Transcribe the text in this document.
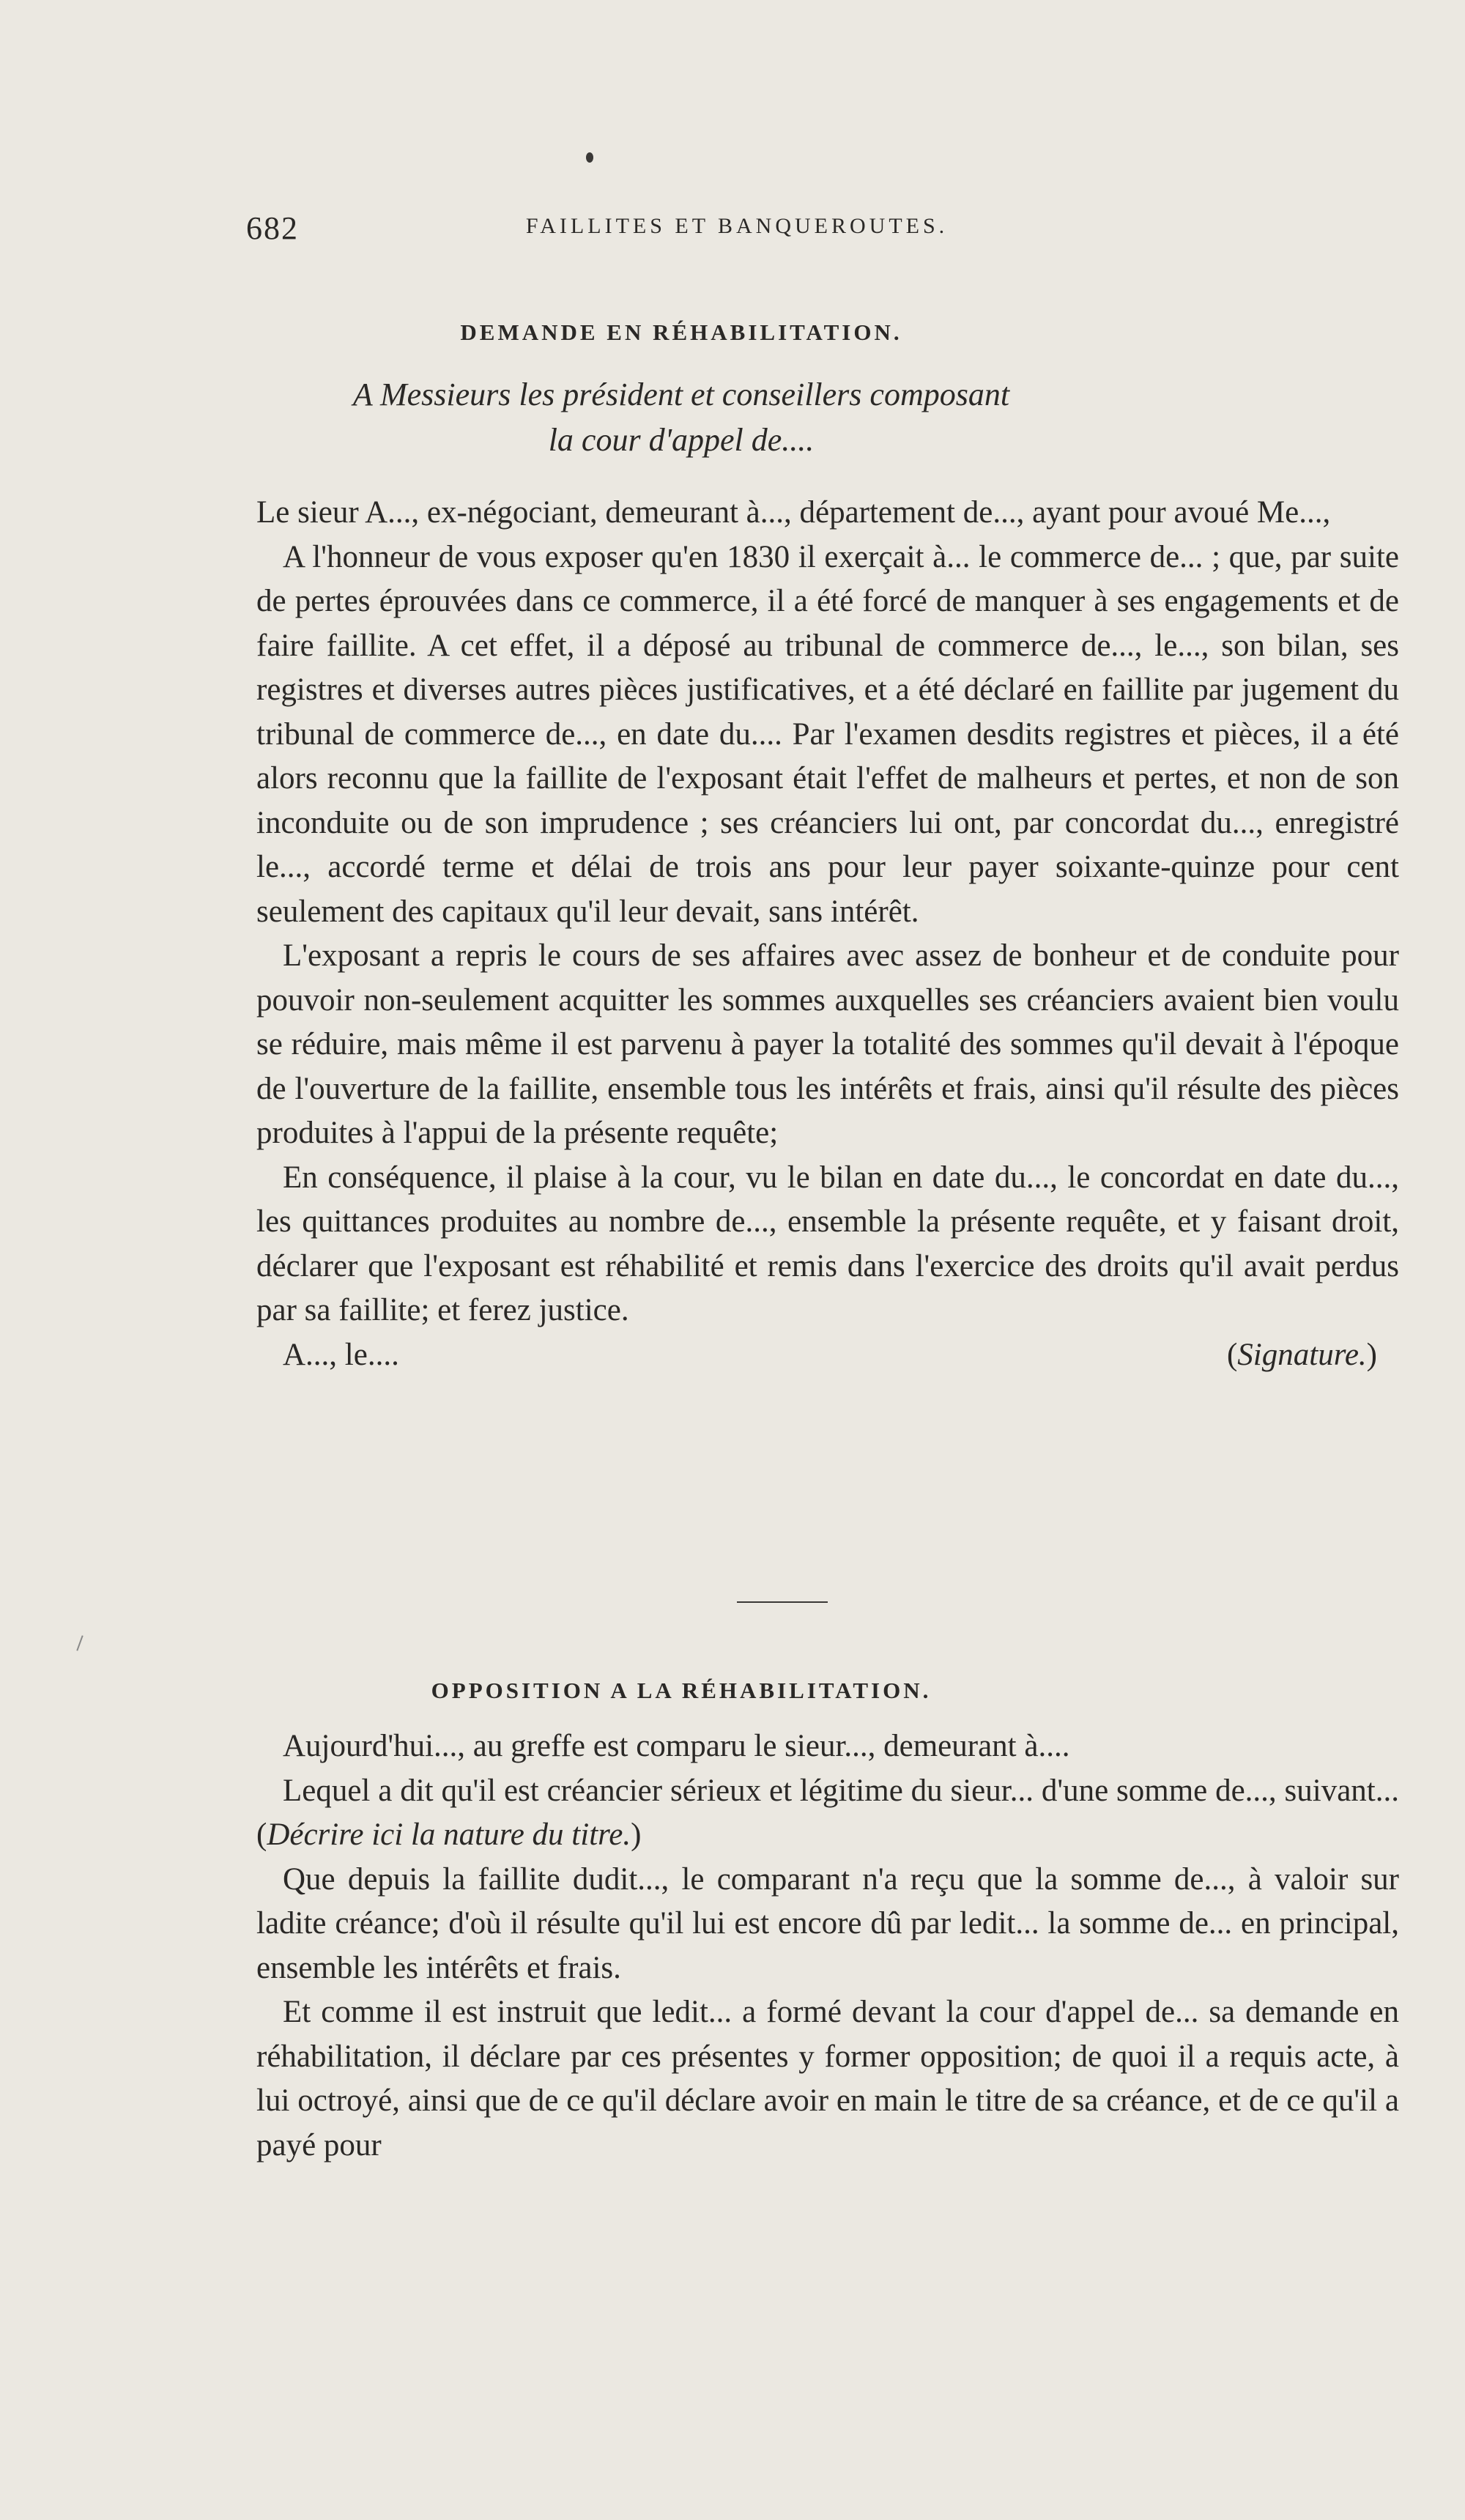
682	FAILLITES ET BANQUEROUTES.
DEMANDE EN RÉHABILITATION.
A Messieurs les président et conseillers composant
la cour d'appel de....

Le sieur A..., ex-négociant, demeurant à..., département de..., ayant pour avoué Me...,

A l'honneur de vous exposer qu'en 1830 il exerçait à... le commerce de... ; que, par suite de pertes éprouvées dans ce commerce, il a été forcé de manquer à ses engagements et de faire faillite. A cet effet, il a déposé au tribunal de commerce de..., le..., son bilan, ses registres et diverses autres pièces justificatives, et a été déclaré en faillite par jugement du tribunal de commerce de..., en date du.... Par l'examen desdits registres et pièces, il a été alors reconnu que la faillite de l'exposant était l'effet de malheurs et pertes, et non de son inconduite ou de son imprudence ; ses créanciers lui ont, par concordat du..., enregistré le..., accordé terme et délai de trois ans pour leur payer soixante-quinze pour cent seulement des capitaux qu'il leur devait, sans intérêt.

L'exposant a repris le cours de ses affaires avec assez de bonheur et de conduite pour pouvoir non-seulement acquitter les sommes auxquelles ses créanciers avaient bien voulu se réduire, mais même il est parvenu à payer la totalité des sommes qu'il devait à l'époque de l'ouverture de la faillite, ensemble tous les intérêts et frais, ainsi qu'il résulte des pièces produites à l'appui de la présente requête;

En conséquence, il plaise à la cour, vu le bilan en date du..., le concordat en date du..., les quittances produites au nombre de..., ensemble la présente requête, et y faisant droit, déclarer que l'exposant est réhabilité et remis dans l'exercice des droits qu'il avait perdus par sa faillite; et ferez justice.

A..., le....	(Signature.)
OPPOSITION A LA RÉHABILITATION.

Aujourd'hui..., au greffe est comparu le sieur..., demeurant à....

Lequel a dit qu'il est créancier sérieux et légitime du sieur... d'une somme de..., suivant... (Décrire ici la nature du titre.)

Que depuis la faillite dudit..., le comparant n'a reçu que la somme de..., à valoir sur ladite créance; d'où il résulte qu'il lui est encore dû par ledit... la somme de... en principal, ensemble les intérêts et frais.

Et comme il est instruit que ledit... a formé devant la cour d'appel de... sa demande en réhabilitation, il déclare par ces présentes y former opposition; de quoi il a requis acte, à lui octroyé, ainsi que de ce qu'il déclare avoir en main le titre de sa créance, et de ce qu'il a payé pour
